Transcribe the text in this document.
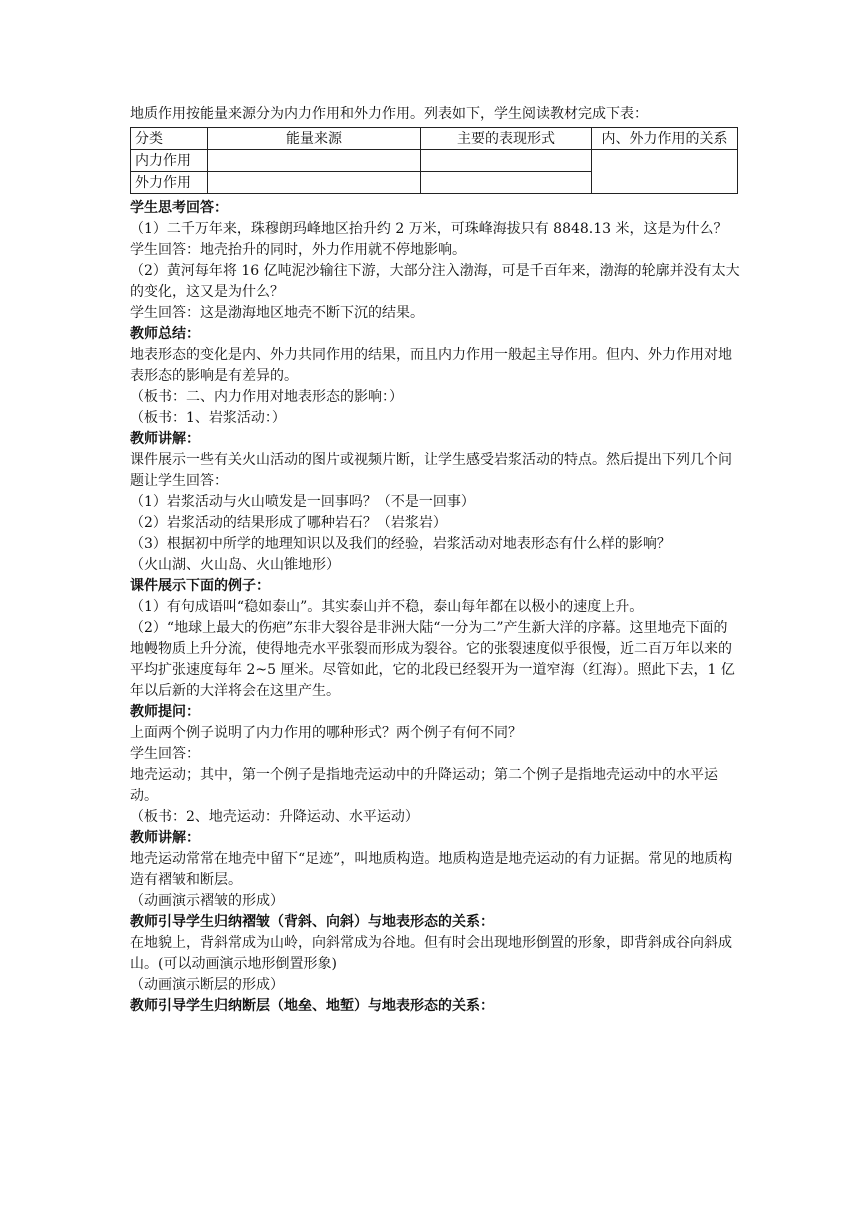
地质作用按能量来源分为内力作用和外力作用。列表如下，学生阅读教材完成下表：

分类	能量来源	主要的表现形式	内、外力作用的关系
内力作用			
外力作用			

学生思考回答：

（1）二千万年来，珠穆朗玛峰地区抬升约 2 万米，可珠峰海拔只有 8848.13 米，这是为什么？

学生回答：地壳抬升的同时，外力作用就不停地影响。

（2）黄河每年将 16 亿吨泥沙输往下游，大部分注入渤海，可是千百年来，渤海的轮廓并没有太大的变化，这又是为什么？

学生回答：这是渤海地区地壳不断下沉的结果。

教师总结：

地表形态的变化是内、外力共同作用的结果，而且内力作用一般起主导作用。但内、外力作用对地表形态的影响是有差异的。

（板书：二、内力作用对地表形态的影响：）

（板书：1、岩浆活动：）

教师讲解：

课件展示一些有关火山活动的图片或视频片断，让学生感受岩浆活动的特点。然后提出下列几个问题让学生回答：

（1）岩浆活动与火山喷发是一回事吗？（不是一回事）

（2）岩浆活动的结果形成了哪种岩石？（岩浆岩）

（3）根据初中所学的地理知识以及我们的经验，岩浆活动对地表形态有什么样的影响？

（火山湖、火山岛、火山锥地形）

课件展示下面的例子：

（1）有句成语叫“稳如泰山”。其实泰山并不稳，泰山每年都在以极小的速度上升。

（2）“地球上最大的伤疤”东非大裂谷是非洲大陆“一分为二”产生新大洋的序幕。这里地壳下面的地幔物质上升分流，使得地壳水平张裂而形成为裂谷。它的张裂速度似乎很慢，近二百万年以来的平均扩张速度每年 2~5 厘米。尽管如此，它的北段已经裂开为一道窄海（红海）。照此下去，1 亿年以后新的大洋将会在这里产生。

教师提问：

上面两个例子说明了内力作用的哪种形式？两个例子有何不同？

学生回答：

地壳运动；其中，第一个例子是指地壳运动中的升降运动；第二个例子是指地壳运动中的水平运动。

（板书：2、地壳运动：升降运动、水平运动）

教师讲解：

地壳运动常常在地壳中留下“足迹”，叫地质构造。地质构造是地壳运动的有力证据。常见的地质构造有褶皱和断层。

（动画演示褶皱的形成）

教师引导学生归纳褶皱（背斜、向斜）与地表形态的关系：

在地貌上，背斜常成为山岭，向斜常成为谷地。但有时会出现地形倒置的形象，即背斜成谷向斜成山。(可以动画演示地形倒置形象)

（动画演示断层的形成）

教师引导学生归纳断层（地垒、地堑）与地表形态的关系：
